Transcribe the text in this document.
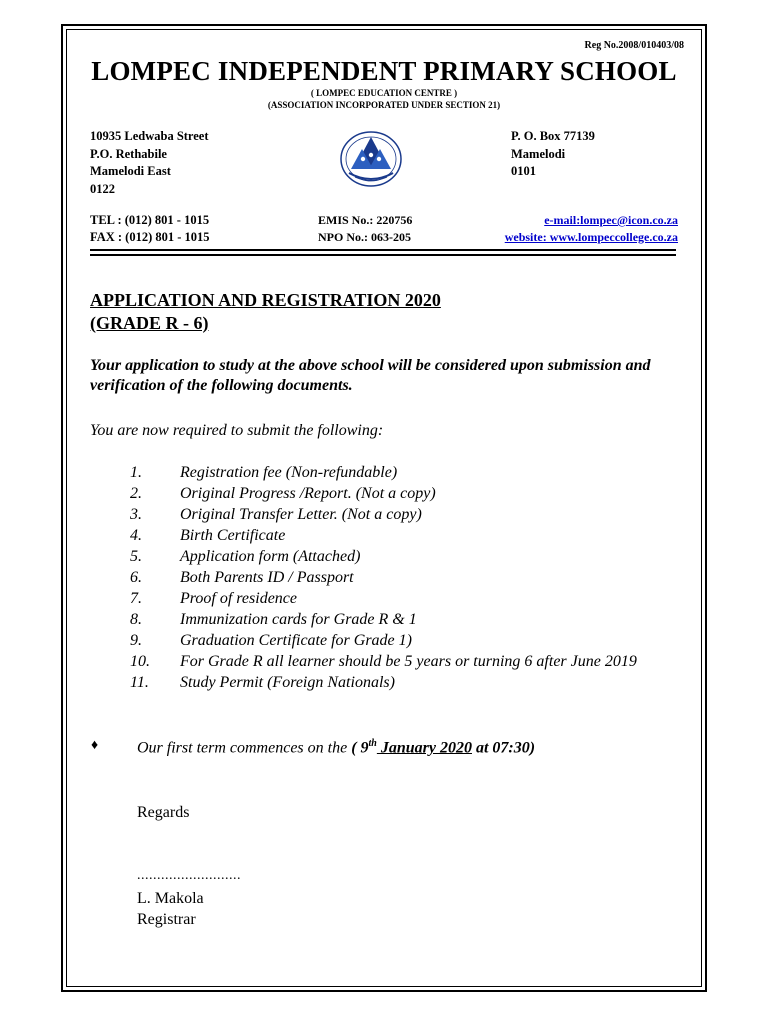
Reg No.2008/010403/08
LOMPEC INDEPENDENT PRIMARY SCHOOL
( LOMPEC EDUCATION CENTRE )
(ASSOCIATION INCORPORATED UNDER SECTION 21)
10935 Ledwaba Street
P.O. Rethabile
Mamelodi East
0122
P. O. Box 77139
Mamelodi
0101
TEL : (012) 801 - 1015
FAX : (012) 801 - 1015
EMIS No.: 220756
NPO No.: 063-205
e-mail:lompec@icon.co.za
website: www.lompeccollege.co.za
APPLICATION AND REGISTRATION 2020
(GRADE R - 6)
Your application to study at the above school will be considered upon submission and verification of the following documents.
You are now required to submit the following:
1.	Registration fee (Non-refundable)
2.	Original Progress /Report. (Not a copy)
3.	Original Transfer Letter. (Not a copy)
4.	Birth Certificate
5.	Application form (Attached)
6.	Both Parents ID / Passport
7.	Proof of residence
8.	Immunization cards for Grade R & 1
9.	Graduation Certificate for Grade 1)
10.	For Grade R all learner should be 5 years or turning 6 after June 2019
11.	Study Permit (Foreign Nationals)
♦ Our first term commences on the ( 9th January 2020 at 07:30)
Regards
..........................
L. Makola
Registrar
